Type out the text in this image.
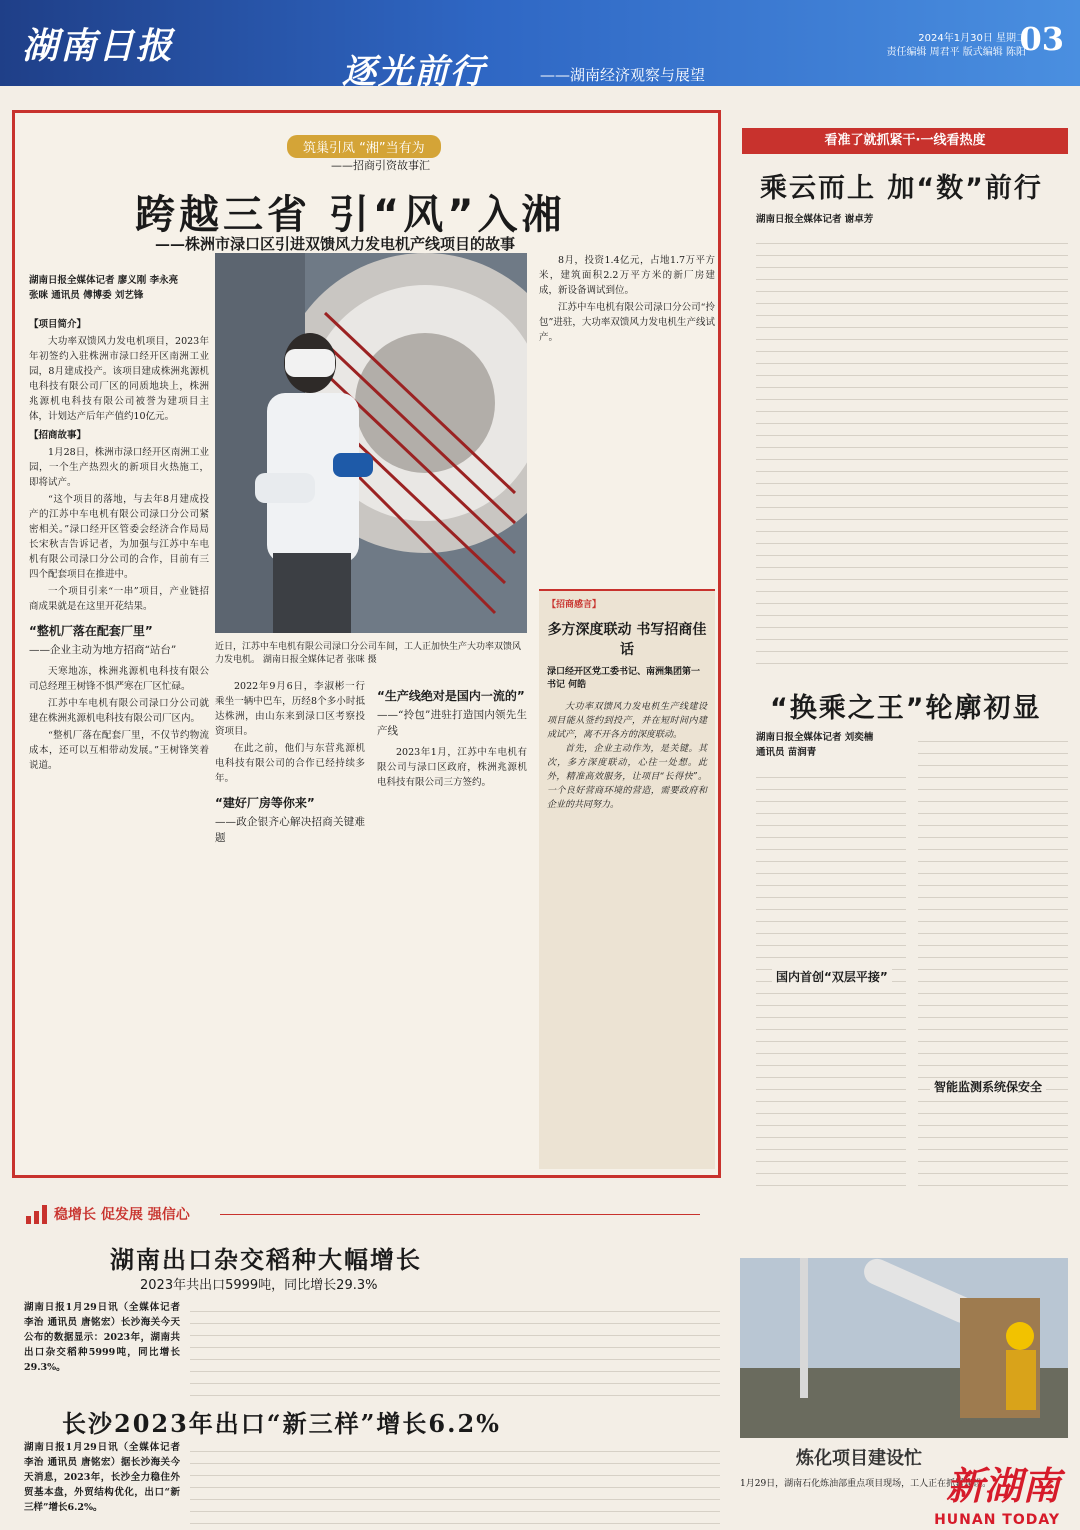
湖南日报
逐光前行	——湖南经济观察与展望
2024年1月30日 星期二
责任编辑 周君平 版式编辑 陈阳
03
筑巢引凤 “湘”当有为
——招商引资故事汇
跨越三省 引“风”入湘
——株洲市渌口区引进双馈风力发电机产线项目的故事
湖南日报全媒体记者 廖义刚 李永亮
张咪 通讯员 傅博委 刘艺锋
【项目简介】

大功率双馈风力发电机项目，2023年年初签约入驻株洲市渌口经开区南洲工业园，8月建成投产。该项目建成株洲兆源机电科技有限公司厂区的同质地块上，株洲兆源机电科技有限公司被誉为建项目主体，计划达产后年产值约10亿元。

【招商故事】

1月28日，株洲市渌口经开区南洲工业园，一个生产热烈火的新项目火热施工，即将试产。

“这个项目的落地，与去年8月建成投产的江苏中车电机有限公司渌口分公司紧密相关。”渌口经开区管委会经济合作局局长宋秋吉告诉记者，为加强与江苏中车电机有限公司渌口分公司的合作，目前有三四个配套项目在推进中。

一个项目引来“一串”项目，产业链招商成果就是在这里开花结果。

“整机厂落在配套厂里”
——企业主动为地方招商“站台”

天寒地冻，株洲兆源机电科技有限公司总经理王树锋不惧严寒在厂区忙碌。

江苏中车电机有限公司渌口分公司就建在株洲兆源机电科技有限公司厂区内。

“整机厂落在配套厂里，不仅节约物流成本，还可以互相带动发展。”王树锋笑着说道。

近日，江苏中车电机有限公司渌口分公司车间，工人正加快生产大功率双馈风力发电机。 湖南日报全媒体记者 张咪 摄

2022年9月6日，李淑彬一行乘坐一辆中巴车，历经8个多小时抵达株洲，由山东来到渌口区考察投资项目。

在此之前，他们与东营兆源机电科技有限公司的合作已经持续多年。

“建好厂房等你来”
——政企银齐心解决招商关键难题
“生产线绝对是国内一流的”
——“拎包”进驻打造国内领先生产线

2023年1月，江苏中车电机有限公司与渌口区政府，株洲兆源机电科技有限公司三方签约。

8月，投资1.4亿元，占地1.7万平方米，建筑面积2.2万平方米的新厂房建成，新设备调试到位。

江苏中车电机有限公司渌口分公司“拎包”进驻，大功率双馈风力发电机生产线试产。

【招商感言】
多方深度联动 书写招商佳话
渌口经开区党工委书记、南洲集团第一书记 何皓

大功率双馈风力发电机生产线建设项目能从签约到投产，并在短时间内建成试产，离不开各方的深度联动。

首先，企业主动作为，是关键。其次，多方深度联动，心往一处想。此外，精准高效服务，让项目“长得快”。一个良好营商环境的营造，需要政府和企业的共同努力。

看准了就抓紧干·一线看热度
乘云而上 加“数”前行
湖南日报全媒体记者 谢卓芳
“换乘之王”轮廓初显
湖南日报全媒体记者 刘奕楠
通讯员 苗润青
国内首创“双层平接”
智能监测系统保安全
稳增长 促发展 强信心
湖南出口杂交稻种大幅增长
2023年共出口5999吨，同比增长29.3%
湖南日报1月29日讯（全媒体记者 李治 通讯员 唐铭宏）长沙海关今天公布的数据显示：2023年，湖南共出口杂交稻种5999吨，同比增长29.3%。
长沙2023年出口“新三样”增长6.2%
湖南日报1月29日讯（全媒体记者 李治 通讯员 唐铭宏）据长沙海关今天消息，2023年，长沙全力稳住外贸基本盘，外贸结构优化，出口“新三样”增长6.2%。
炼化项目建设忙
1月29日，湖南石化炼油部重点项目现场，工人正在抓紧建设。
新湖南
HUNAN TODAY
